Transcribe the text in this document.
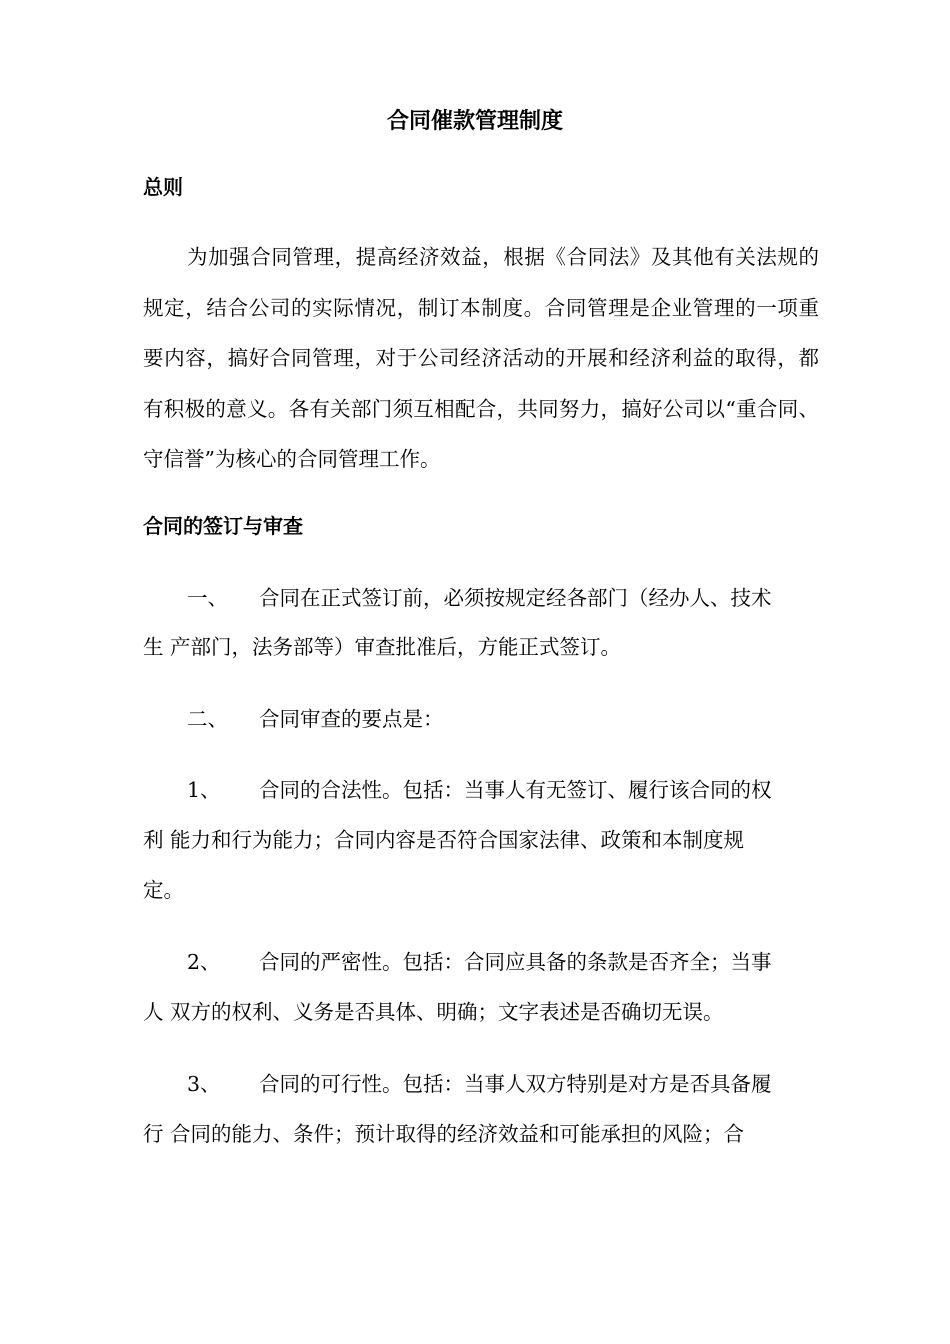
合同催款管理制度
总则

为加强合同管理，提高经济效益，根据《合同法》及其他有关法规的规定，结合公司的实际情况，制订本制度。合同管理是企业管理的一项重要内容，搞好合同管理，对于公司经济活动的开展和经济利益的取得，都有积极的意义。各有关部门须互相配合，共同努力，搞好公司以“重合同、守信誉”为核心的合同管理工作。

合同的签订与审查
一、 合同在正式签订前，必须按规定经各部门（经办人、技术
生 产部门，法务部等）审查批准后，方能正式签订。
二、 合同审查的要点是：
1、 合同的合法性。包括：当事人有无签订、履行该合同的权
利 能力和行为能力；合同内容是否符合国家法律、政策和本制度规
定。
2、 合同的严密性。包括：合同应具备的条款是否齐全；当事
人 双方的权利、义务是否具体、明确；文字表述是否确切无误。
3、 合同的可行性。包括：当事人双方特别是对方是否具备履
行 合同的能力、条件；预计取得的经济效益和可能承担的风险；合
